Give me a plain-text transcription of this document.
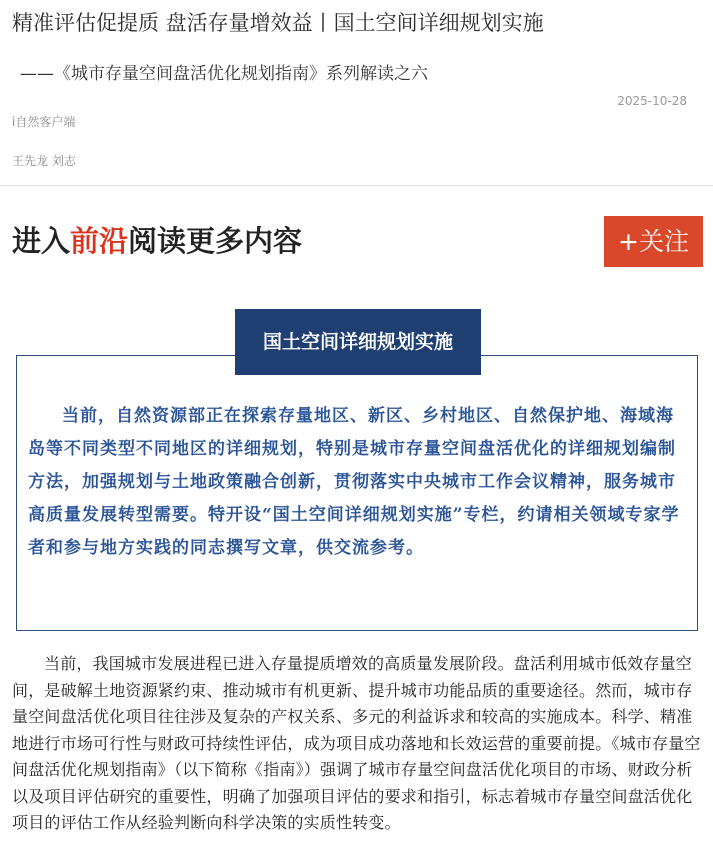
精准评估促提质 盘活存量增效益丨国土空间详细规划实施
——《城市存量空间盘活优化规划指南》系列解读之六
2025-10-28
i自然客户端
王先龙 刘志
进入前沿阅读更多内容	+关注
国土空间详细规划实施
当前，自然资源部正在探索存量地区、新区、乡村地区、自然保护地、海域海岛等不同类型不同地区的详细规划，特别是城市存量空间盘活优化的详细规划编制方法，加强规划与土地政策融合创新，贯彻落实中央城市工作会议精神，服务城市高质量发展转型需要。特开设“国土空间详细规划实施”专栏，约请相关领域专家学者和参与地方实践的同志撰写文章，供交流参考。
当前，我国城市发展进程已进入存量提质增效的高质量发展阶段。盘活利用城市低效存量空间，是破解土地资源紧约束、推动城市有机更新、提升城市功能品质的重要途径。然而，城市存量空间盘活优化项目往往涉及复杂的产权关系、多元的利益诉求和较高的实施成本。科学、精准地进行市场可行性与财政可持续性评估，成为项目成功落地和长效运营的重要前提。《城市存量空间盘活优化规划指南》（以下简称《指南》）强调了城市存量空间盘活优化项目的市场、财政分析以及项目评估研究的重要性，明确了加强项目评估的要求和指引，标志着城市存量空间盘活优化项目的评估工作从经验判断向科学决策的实质性转变。
